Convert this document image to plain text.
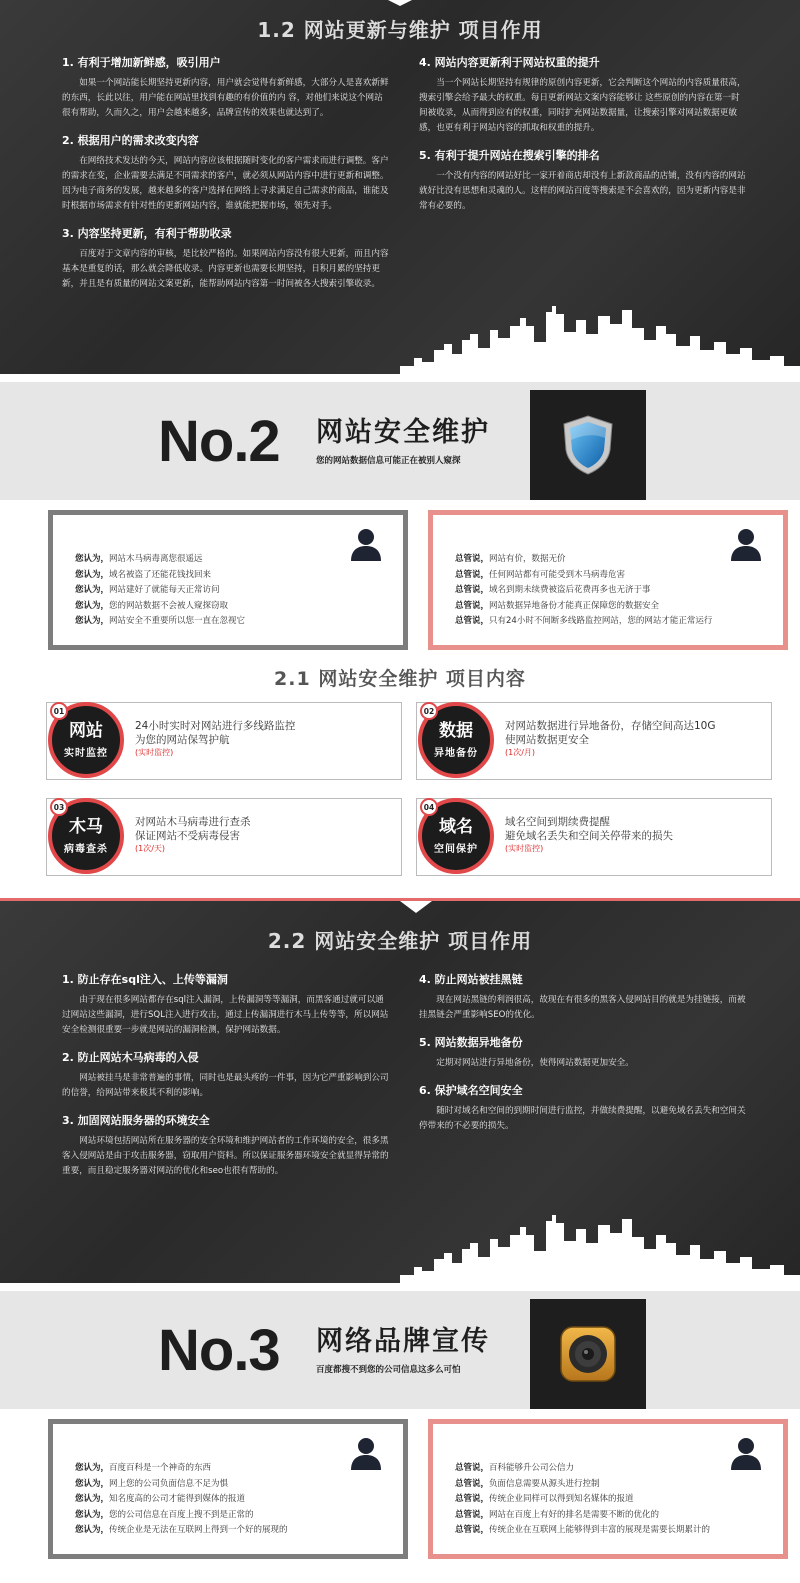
1.2 网站更新与维护 项目作用
1. 有利于增加新鲜感，吸引用户

如果一个网站能长期坚持更新内容，用户就会觉得有新鲜感，大部分人是喜欢新鲜的东西，长此以往，用户能在网站里找到有趣的有价值的内 容，对他们来说这个网站很有帮助，久而久之，用户会越来越多，品牌宣传的效果也就达到了。

2. 根据用户的需求改变内容

在网络技术发达的今天，网站内容应该根据随时变化的客户需求而进行调整。客户的需求在变，企业需要去满足不同需求的客户，就必须从网站内容中进行更新和调整。因为电子商务的发展，越来越多的客户选择在网络上寻求满足自己需求的商品，谁能及时根据市场需求有针对性的更新网站内容，谁就能把握市场，领先对手。

3. 内容坚持更新，有利于帮助收录

百度对于文章内容的审核，是比较严格的。如果网站内容没有很大更新，而且内容基本是重复的话，那么就会降低收录。内容更新也需要长期坚持，日积月累的坚持更新，并且是有质量的网站文案更新，能帮助网站内容第一时间被各大搜索引擎收录。

4. 网站内容更新利于网站权重的提升

当一个网站长期坚持有规律的原创内容更新，它会判断这个网站的内容质量很高，搜索引擎会给予最大的权重。每日更新网站文案内容能够让 这些原创的内容在第一时间被收录，从而得到应有的权重，同时扩充网站数据量，让搜索引擎对网站数据更敏感，也更有利于网站内容的抓取和权重的提升。

5. 有利于提升网站在搜索引擎的排名

一个没有内容的网站好比一家开着商店却没有上新款商品的店铺，没有内容的网站就好比没有思想和灵魂的人。这样的网站百度等搜索是不会喜欢的，因为更新内容是非常有必要的。

No.2 网站安全维护
您的网站数据信息可能正在被别人窥探
您认为，网站木马病毒离您很遥远
您认为，域名被盗了还能花钱找回来
您认为，网站建好了就能每天正常访问
您认为，您的网站数据不会被人窥探窃取
您认为，网站安全不重要所以您一直在忽视它
总管说，网站有价，数据无价
总管说，任何网站都有可能受到木马病毒危害
总管说，域名到期未续费被盗后花费再多也无济于事
总管说，网站数据异地备份才能真正保障您的数据安全
总管说，只有24小时不间断多线路监控网站，您的网站才能正常运行
2.1 网站安全维护 项目内容
24小时实时对网站进行多线路监控
为您的网站保驾护航
(实时监控)
网站
实时监控
01
对网站数据进行异地备份，存储空间高达10G
使网站数据更安全
(1次/月)
数据
异地备份
02
对网站木马病毒进行查杀
保证网站不受病毒侵害
(1次/天)
木马
病毒查杀
03
域名空间到期续费提醒
避免域名丢失和空间关停带来的损失
(实时监控)
域名
空间保护
04
2.2 网站安全维护 项目作用
1. 防止存在sql注入、上传等漏洞

由于现在很多网站都存在sql注入漏洞，上传漏洞等等漏洞，而黑客通过就可以通过网站这些漏洞，进行SQL注入进行攻击，通过上传漏洞进行木马上传等等，所以网站安全检测很重要一步就是网站的漏洞检测，保护网站数据。

2. 防止网站木马病毒的入侵

网站被挂马是非常普遍的事情，同时也是最头疼的一件事，因为它严重影响到公司的信誉，给网站带来极其不利的影响。

3. 加固网站服务器的环境安全

网站环境包括网站所在服务器的安全环境和维护网站者的工作环境的安全，很多黑客入侵网站是由于攻击服务器，窃取用户资料。所以保证服务器环境安全就显得异常的重要，而且稳定服务器对网站的优化和seo也很有帮助的。

4. 防止网站被挂黑链

现在网站黑链的利润很高，故现在有很多的黑客入侵网站目的就是为挂链接，而被挂黑链会严重影响SEO的优化。

5. 网站数据异地备份

定期对网站进行异地备份，使得网站数据更加安全。

6. 保护域名空间安全

随时对域名和空间的到期时间进行监控，并做续费提醒，以避免域名丢失和空间关停带来的不必要的损失。

No.3 网络品牌宣传
百度都搜不到您的公司信息这多么可怕
您认为，百度百科是一个神奇的东西
您认为，网上您的公司负面信息不足为惧
您认为，知名度高的公司才能得到媒体的报道
您认为，您的公司信息在百度上搜不到是正常的
您认为，传统企业是无法在互联网上得到一个好的展现的
总管说，百科能够升公司公信力
总管说，负面信息需要从源头进行控制
总管说，传统企业同样可以得到知名媒体的报道
总管说，网站在百度上有好的排名是需要不断的优化的
总管说，传统企业在互联网上能够得到丰富的展现是需要长期累计的
